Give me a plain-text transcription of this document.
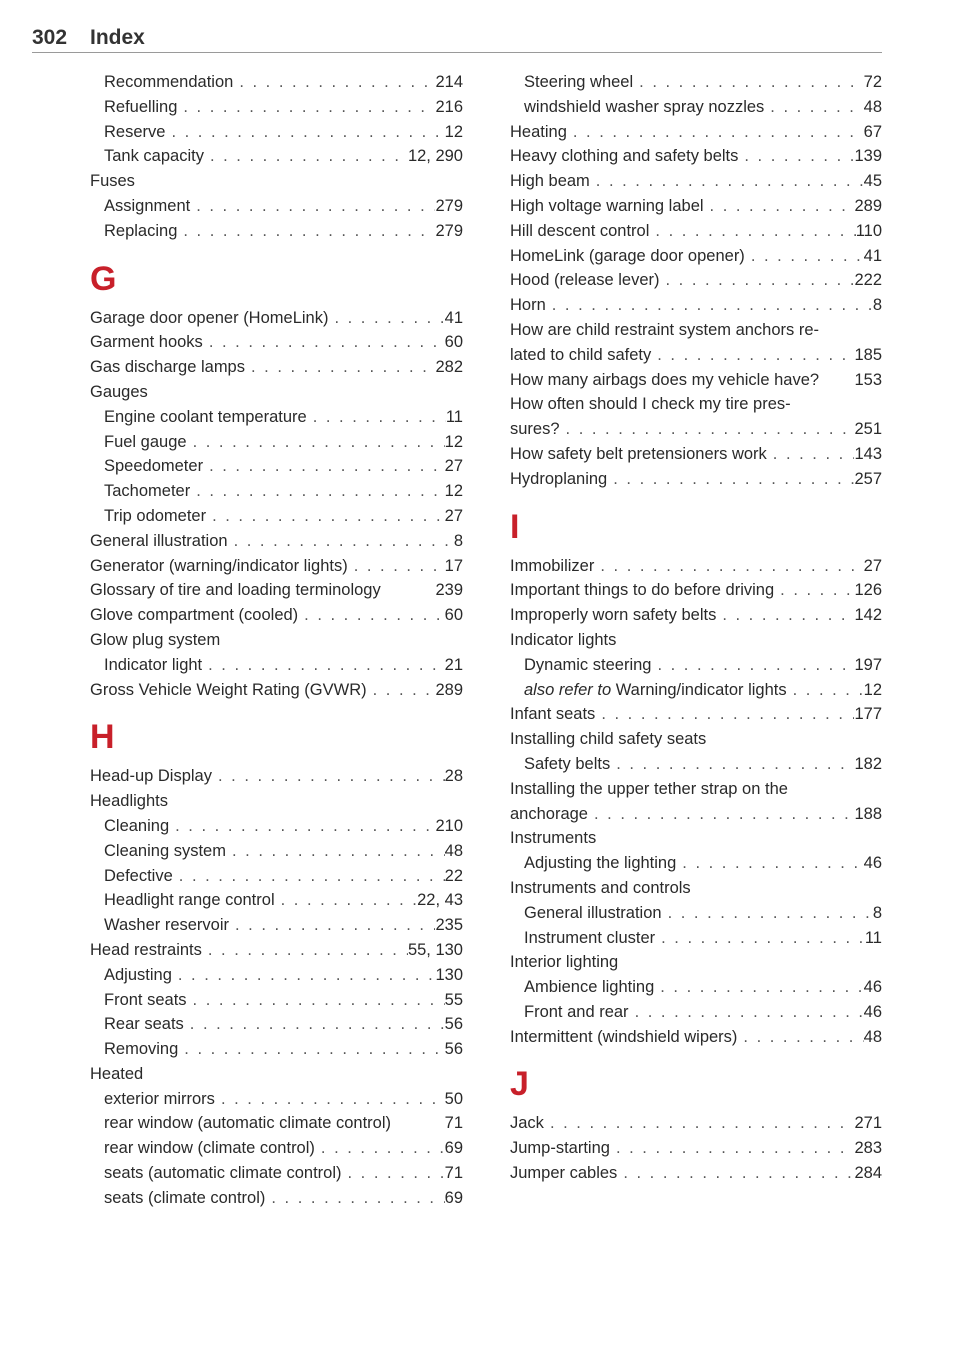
302 Index
Recommendation . . .	214
Refuelling . . .	216
Reserve . . .	12
Tank capacity . . .	12, 290
Fuses
Assignment . . .	279
Replacing . . .	279
G
Garage door opener (HomeLink) . . .	41
Garment hooks . . .	60
Gas discharge lamps . . .	282
Gauges
Engine coolant temperature . . .	11
Fuel gauge . . .	12
Speedometer . . .	27
Tachometer . . .	12
Trip odometer . . .	27
General illustration . . .	8
Generator (warning/indicator lights) . . .	17
Glossary of tire and loading terminology	239
Glove compartment (cooled) . . .	60
Glow plug system
Indicator light . . .	21
Gross Vehicle Weight Rating (GVWR) . . .	289
H
Head-up Display . . .	28
Headlights
Cleaning . . .	210
Cleaning system . . .	48
Defective . . .	22
Headlight range control . . .	22, 43
Washer reservoir . . .	235
Head restraints . . .	55, 130
Adjusting . . .	130
Front seats . . .	55
Rear seats . . .	56
Removing . . .	56
Heated
exterior mirrors . . .	50
rear window (automatic climate control)	71
rear window (climate control) . . .	69
seats (automatic climate control) . . .	71
seats (climate control) . . .	69
Steering wheel . . .	72
windshield washer spray nozzles . . .	48
Heating . . .	67
Heavy clothing and safety belts . . .	139
High beam . . .	45
High voltage warning label . . .	289
Hill descent control . . .	110
HomeLink (garage door opener) . . .	41
Hood (release lever) . . .	222
Horn . . .	8
How are child restraint system anchors re-
lated to child safety . . .	185
How many airbags does my vehicle have? 153
How often should I check my tire pres-
sures? . . .	251
How safety belt pretensioners work . . .	143
Hydroplaning . . .	257
I
Immobilizer . . .	27
Important things to do before driving . . .	126
Improperly worn safety belts . . .	142
Indicator lights
Dynamic steering . . .	197
also refer to Warning/indicator lights . . .	12
Infant seats . . .	177
Installing child safety seats
Safety belts . . .	182
Installing the upper tether strap on the
anchorage . . .	188
Instruments
Adjusting the lighting . . .	46
Instruments and controls
General illustration . . .	8
Instrument cluster . . .	11
Interior lighting
Ambience lighting . . .	46
Front and rear . . .	46
Intermittent (windshield wipers) . . .	48
J
Jack . . .	271
Jump-starting . . .	283
Jumper cables . . .	284
